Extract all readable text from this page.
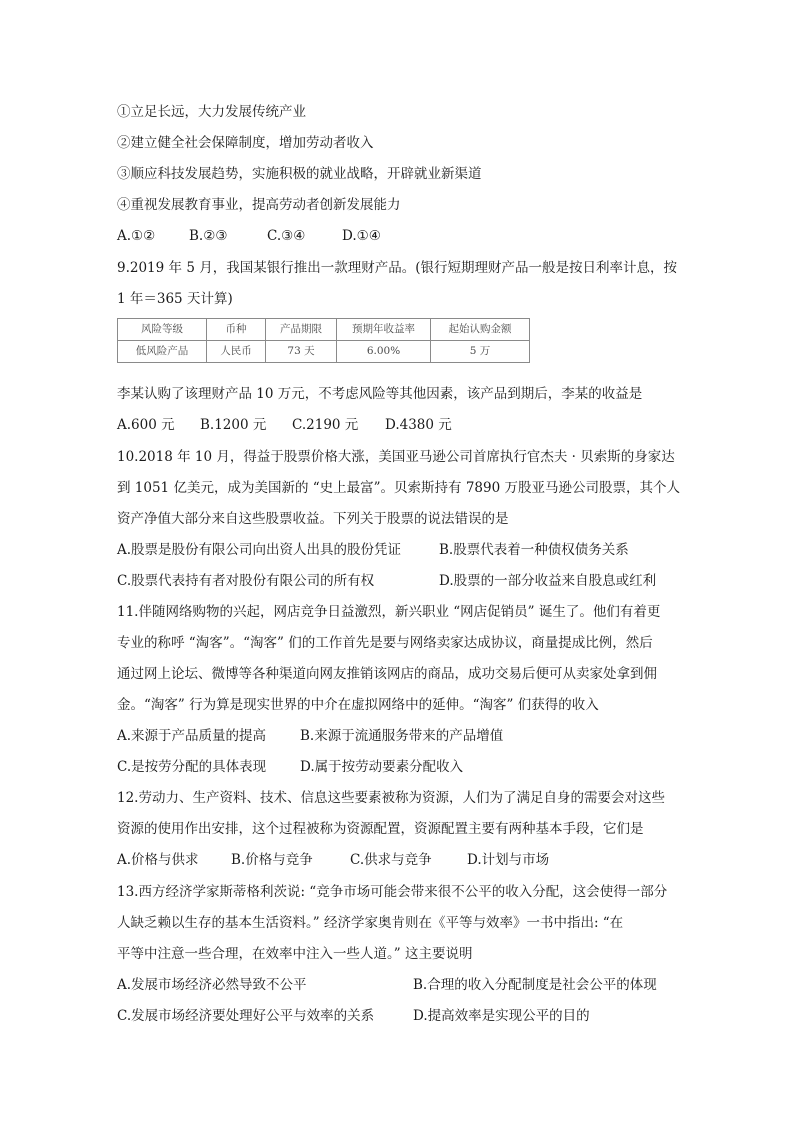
①立足长远，大力发展传统产业
②建立健全社会保障制度，增加劳动者收入
③顺应科技发展趋势，实施积极的就业战略，开辟就业新渠道
④重视发展教育事业，提高劳动者创新发展能力
A.①②	B.②③	C.③④	D.①④
9.2019 年 5 月，我国某银行推出一款理财产品。(银行短期理财产品一般是按日利率计息，按
1 年＝365 天计算)
风险等级	币种	产品期限	预期年收益率	起始认购金额
低风险产品	人民币	73 天	6.00%	5 万
李某认购了该理财产品 10 万元，不考虑风险等其他因素，该产品到期后，李某的收益是
A.600 元 B.1200 元 C.2190 元 D.4380 元
10.2018 年 10 月，得益于股票价格大涨，美国亚马逊公司首席执行官杰夫 · 贝索斯的身家达
到 1051 亿美元，成为美国新的 “史上最富”。贝索斯持有 7890 万股亚马逊公司股票，其个人
资产净值大部分来自这些股票收益。下列关于股票的说法错误的是
A.股票是股份有限公司向出资人出具的股份凭证	B.股票代表着一种债权债务关系
C.股票代表持有者对股份有限公司的所有权	D.股票的一部分收益来自股息或红利
11.伴随网络购物的兴起，网店竞争日益激烈，新兴职业 “网店促销员” 诞生了。他们有着更
专业的称呼 “淘客”。“淘客” 们的工作首先是要与网络卖家达成协议，商量提成比例，然后
通过网上论坛、微博等各种渠道向网友推销该网店的商品，成功交易后便可从卖家处拿到佣
金。“淘客” 行为算是现实世界的中介在虚拟网络中的延伸。“淘客” 们获得的收入
A.来源于产品质量的提高	B.来源于流通服务带来的产品增值
C.是按劳分配的具体表现	D.属于按劳动要素分配收入
12.劳动力、生产资料、技术、信息这些要素被称为资源，人们为了满足自身的需要会对这些
资源的使用作出安排，这个过程被称为资源配置，资源配置主要有两种基本手段，它们是
A.价格与供求 B.价格与竞争	C.供求与竞争	D.计划与市场
13.西方经济学家斯蒂格利茨说: “竞争市场可能会带来很不公平的收入分配，这会使得一部分
人缺乏赖以生存的基本生活资料。” 经济学家奥肯则在《平等与效率》一书中指出: “在
平等中注意一些合理，在效率中注入一些人道。” 这主要说明
A.发展市场经济必然导致不公平	B.合理的收入分配制度是社会公平的体现
C.发展市场经济要处理好公平与效率的关系	D.提高效率是实现公平的目的
